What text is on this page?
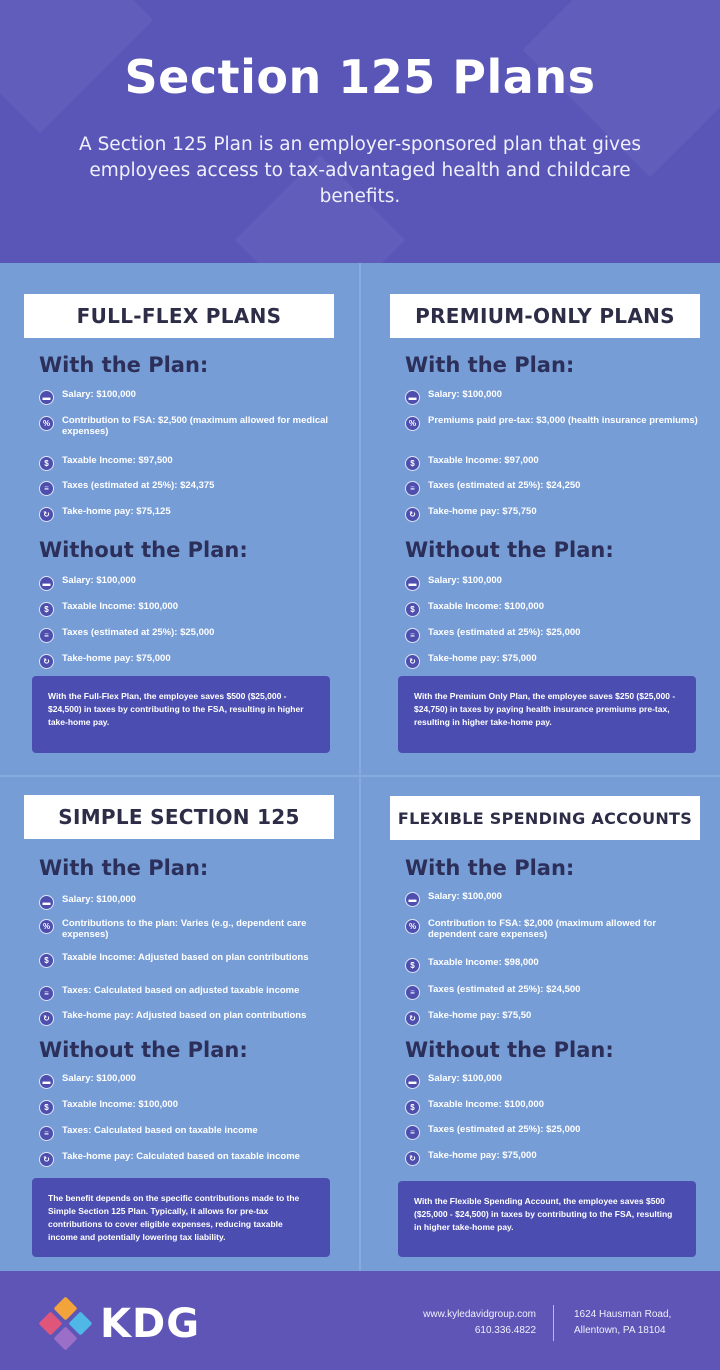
Section 125 Plans

A Section 125 Plan is an employer-sponsored plan that gives employees access to tax-advantaged health and childcare benefits.

FULL-FLEX PLANS
With the Plan:
▬	Salary: $100,000
%	Contribution to FSA: $2,500 (maximum allowed for medical expenses)
$	Taxable Income: $97,500
≡	Taxes (estimated at 25%): $24,375
↻	Take-home pay: $75,125
Without the Plan:
▬	Salary: $100,000
$	Taxable Income: $100,000
≡	Taxes (estimated at 25%): $25,000
↻	Take-home pay: $75,000
With the Full-Flex Plan, the employee saves $500 ($25,000 - $24,500) in taxes by contributing to the FSA, resulting in higher take-home pay.
PREMIUM-ONLY PLANS
With the Plan:
▬	Salary: $100,000
%	Premiums paid pre-tax: $3,000 (health insurance premiums)
$	Taxable Income: $97,000
≡	Taxes (estimated at 25%): $24,250
↻	Take-home pay: $75,750
Without the Plan:
▬	Salary: $100,000
$	Taxable Income: $100,000
≡	Taxes (estimated at 25%): $25,000
↻	Take-home pay: $75,000
With the Premium Only Plan, the employee saves $250 ($25,000 - $24,750) in taxes by paying health insurance premiums pre-tax, resulting in higher take-home pay.
SIMPLE SECTION 125
With the Plan:
▬	Salary: $100,000
%	Contributions to the plan: Varies (e.g., dependent care expenses)
$	Taxable Income: Adjusted based on plan contributions
≡	Taxes: Calculated based on adjusted taxable income
↻	Take-home pay: Adjusted based on plan contributions
Without the Plan:
▬	Salary: $100,000
$	Taxable Income: $100,000
≡	Taxes: Calculated based on taxable income
↻	Take-home pay: Calculated based on taxable income
The benefit depends on the specific contributions made to the Simple Section 125 Plan. Typically, it allows for pre-tax contributions to cover eligible expenses, reducing taxable income and potentially lowering tax liability.
FLEXIBLE SPENDING ACCOUNTS
With the Plan:
▬	Salary: $100,000
%	Contribution to FSA: $2,000 (maximum allowed for dependent care expenses)
$	Taxable Income: $98,000
≡	Taxes (estimated at 25%): $24,500
↻	Take-home pay: $75,50
Without the Plan:
▬	Salary: $100,000
$	Taxable Income: $100,000
≡	Taxes (estimated at 25%): $25,000
↻	Take-home pay: $75,000
With the Flexible Spending Account, the employee saves $500 ($25,000 - $24,500) in taxes by contributing to the FSA, resulting in higher take-home pay.
KDG	www.kyledavidgroup.com
610.336.4822
1624 Hausman Road,
Allentown, PA 18104
